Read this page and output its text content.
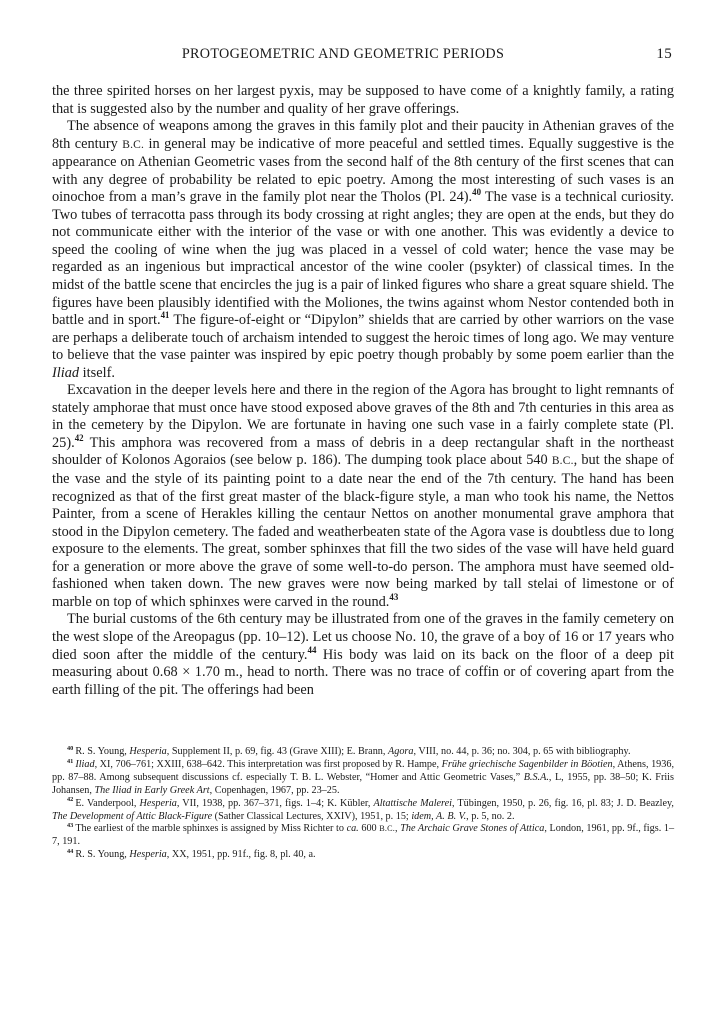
PROTOGEOMETRIC AND GEOMETRIC PERIODS	15

the three spirited horses on her largest pyxis, may be supposed to have come of a knightly family, a rating that is suggested also by the number and quality of her grave offerings.

The absence of weapons among the graves in this family plot and their paucity in Athenian graves of the 8th century B.C. in general may be indicative of more peaceful and settled times. Equally suggestive is the appearance on Athenian Geometric vases from the second half of the 8th century of the first scenes that can with any degree of probability be related to epic poetry. Among the most interesting of such vases is an oinochoe from a man’s grave in the family plot near the Tholos (Pl. 24).$^{40}$ The vase is a technical curiosity. Two tubes of terracotta pass through its body crossing at right angles; they are open at the ends, but they do not communicate either with the interior of the vase or with one another. This was evidently a device to speed the cooling of wine when the jug was placed in a vessel of cold water; hence the vase may be regarded as an ingenious but impractical ancestor of the wine cooler (psykter) of classical times. In the midst of the battle scene that encircles the jug is a pair of linked figures who share a great square shield. The figures have been plausibly identified with the Moliones, the twins against whom Nestor contended both in battle and in sport.$^{41}$ The figure-of-eight or “Dipylon” shields that are carried by other warriors on the vase are perhaps a deliberate touch of archaism intended to suggest the heroic times of long ago. We may venture to believe that the vase painter was inspired by epic poetry though probably by some poem earlier than the Iliad itself.

Excavation in the deeper levels here and there in the region of the Agora has brought to light remnants of stately amphorae that must once have stood exposed above graves of the 8th and 7th centuries in this area as in the cemetery by the Dipylon. We are fortunate in having one such vase in a fairly complete state (Pl. 25).$^{42}$ This amphora was recovered from a mass of debris in a deep rectangular shaft in the northeast shoulder of Kolonos Agoraios (see below p. 186). The dumping took place about 540 B.C., but the shape of the vase and the style of its painting point to a date near the end of the 7th century. The hand has been recognized as that of the first great master of the black-figure style, a man who took his name, the Nettos Painter, from a scene of Herakles killing the centaur Nettos on another monumental grave amphora that stood in the Dipylon cemetery. The faded and weatherbeaten state of the Agora vase is doubtless due to long exposure to the elements. The great, somber sphinxes that fill the two sides of the vase will have held guard for a generation or more above the grave of some well-to-do person. The amphora must have seemed old-fashioned when taken down. The new graves were now being marked by tall stelai of limestone or of marble on top of which sphinxes were carved in the round.$^{43}$

The burial customs of the 6th century may be illustrated from one of the graves in the family cemetery on the west slope of the Areopagus (pp. 10–12). Let us choose No. 10, the grave of a boy of 16 or 17 years who died soon after the middle of the century.$^{44}$ His body was laid on its back on the floor of a deep pit measuring about 0.68 × 1.70 m., head to north. There was no trace of coffin or of covering apart from the earth filling of the pit. The offerings had been

$^{40}$ R. S. Young, Hesperia, Supplement II, p. 69, fig. 43 (Grave XIII); E. Brann, Agora, VIII, no. 44, p. 36; no. 304, p. 65 with bibliography.

$^{41}$ Iliad, XI, 706–761; XXIII, 638–642. This interpretation was first proposed by R. Hampe, Frühe griechische Sagenbilder in Böotien, Athens, 1936, pp. 87–88. Among subsequent discussions cf. especially T. B. L. Webster, “Homer and Attic Geometric Vases,” B.S.A., L, 1955, pp. 38–50; K. Friis Johansen, The Iliad in Early Greek Art, Copenhagen, 1967, pp. 23–25.

$^{42}$ E. Vanderpool, Hesperia, VII, 1938, pp. 367–371, figs. 1–4; K. Kübler, Altattische Malerei, Tübingen, 1950, p. 26, fig. 16, pl. 83; J. D. Beazley, The Development of Attic Black-Figure (Sather Classical Lectures, XXIV), 1951, p. 15; idem, A. B. V., p. 5, no. 2.

$^{43}$ The earliest of the marble sphinxes is assigned by Miss Richter to ca. 600 B.C., The Archaic Grave Stones of Attica, London, 1961, pp. 9f., figs. 1–7, 191.

$^{44}$ R. S. Young, Hesperia, XX, 1951, pp. 91f., fig. 8, pl. 40, a.
